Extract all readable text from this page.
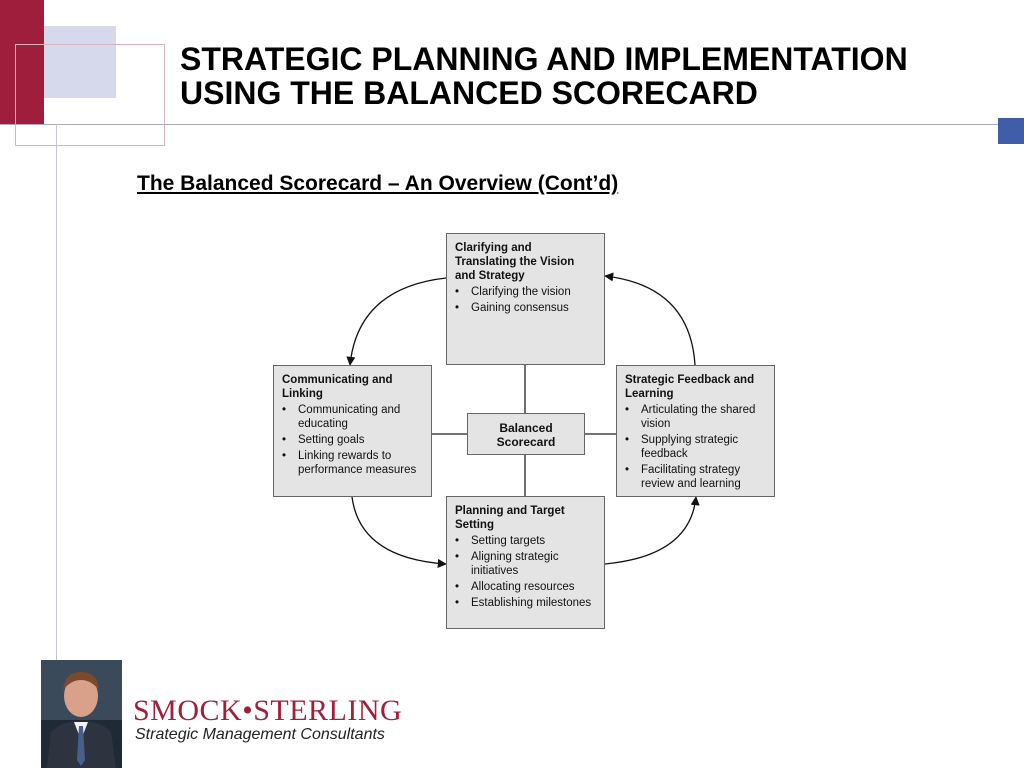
STRATEGIC PLANNING AND IMPLEMENTATION
USING THE BALANCED SCORECARD

The Balanced Scorecard – An Overview (Cont’d)

Clarifying and Translating the Vision and Strategy
• Clarifying the vision
• Gaining consensus
Communicating and Linking
• Communicating and educating
• Setting goals
• Linking rewards to performance measures
Strategic Feedback and Learning
• Articulating the shared vision
• Supplying strategic feedback
• Facilitating strategy review and learning
Planning and Target Setting
• Setting targets
• Aligning strategic initiatives
• Allocating resources
• Establishing milestones
Balanced
Scorecard

SMOCK•STERLING

Strategic Management Consultants
